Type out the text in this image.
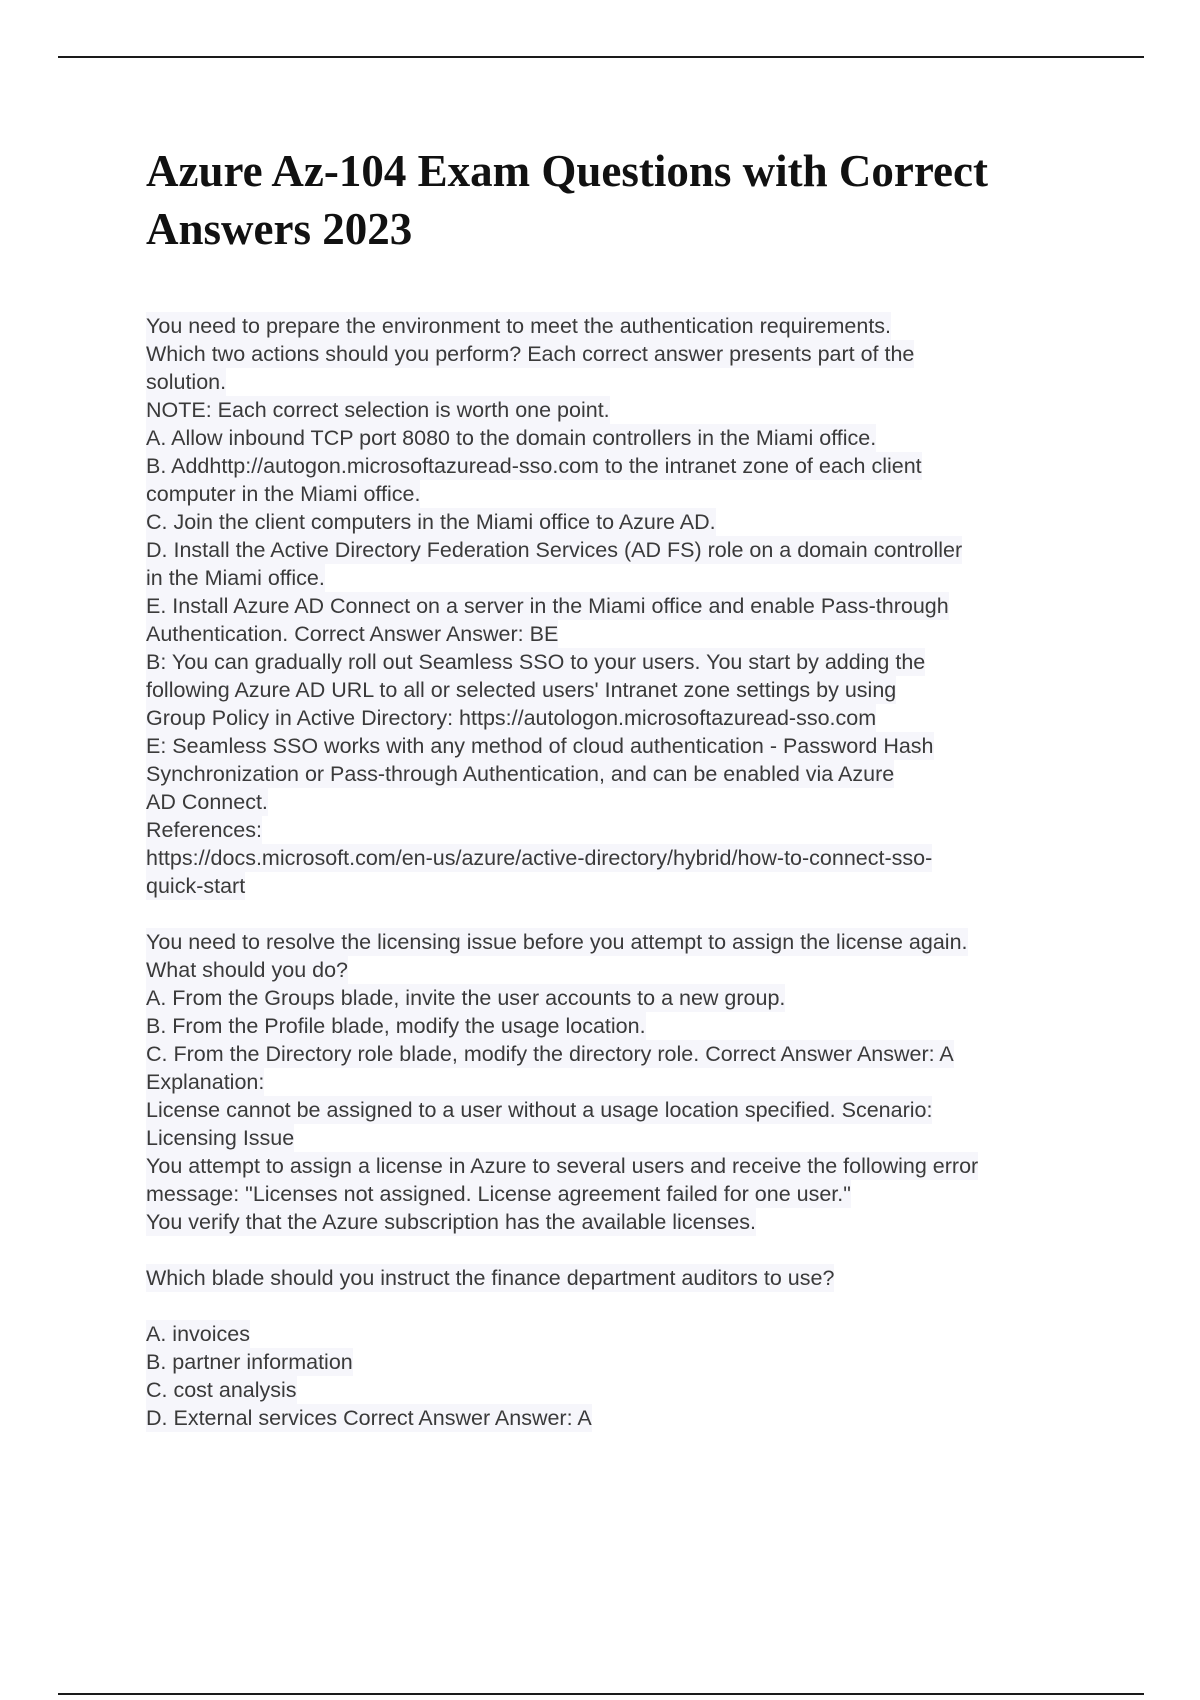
Azure Az-104 Exam Questions with Correct
Answers 2023
You need to prepare the environment to meet the authentication requirements.
Which two actions should you perform? Each correct answer presents part of the
solution.
NOTE: Each correct selection is worth one point.
A. Allow inbound TCP port 8080 to the domain controllers in the Miami office.
B. Addhttp://autogon.microsoftazuread-sso.com to the intranet zone of each client
computer in the Miami office.
C. Join the client computers in the Miami office to Azure AD.
D. Install the Active Directory Federation Services (AD FS) role on a domain controller
in the Miami office.
E. Install Azure AD Connect on a server in the Miami office and enable Pass-through
Authentication. Correct Answer Answer: BE
B: You can gradually roll out Seamless SSO to your users. You start by adding the
following Azure AD URL to all or selected users' Intranet zone settings by using
Group Policy in Active Directory: https://autologon.microsoftazuread-sso.com
E: Seamless SSO works with any method of cloud authentication - Password Hash
Synchronization or Pass-through Authentication, and can be enabled via Azure
AD Connect.
References:
https://docs.microsoft.com/en-us/azure/active-directory/hybrid/how-to-connect-sso-
quick-start
You need to resolve the licensing issue before you attempt to assign the license again.
What should you do?
A. From the Groups blade, invite the user accounts to a new group.
B. From the Profile blade, modify the usage location.
C. From the Directory role blade, modify the directory role. Correct Answer Answer: A
Explanation:
License cannot be assigned to a user without a usage location specified. Scenario:
Licensing Issue
You attempt to assign a license in Azure to several users and receive the following error
message: "Licenses not assigned. License agreement failed for one user."
You verify that the Azure subscription has the available licenses.
Which blade should you instruct the finance department auditors to use?
A. invoices
B. partner information
C. cost analysis
D. External services Correct Answer Answer: A
